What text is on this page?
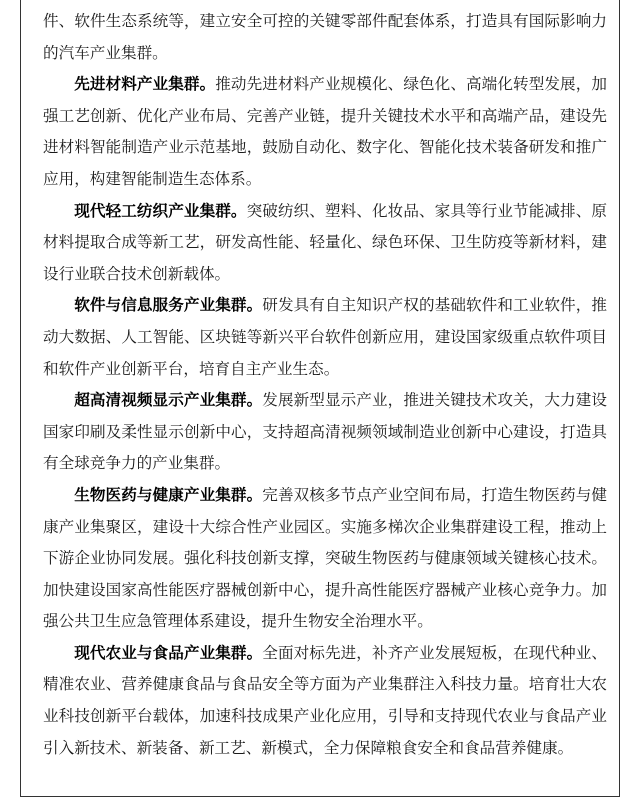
件、软件生态系统等，建立安全可控的关键零部件配套体系，打造具有国际影响力的汽车产业集群。

先进材料产业集群。推动先进材料产业规模化、绿色化、高端化转型发展，加强工艺创新、优化产业布局、完善产业链，提升关键技术水平和高端产品，建设先进材料智能制造产业示范基地，鼓励自动化、数字化、智能化技术装备研发和推广应用，构建智能制造生态体系。

现代轻工纺织产业集群。突破纺织、塑料、化妆品、家具等行业节能减排、原材料提取合成等新工艺，研发高性能、轻量化、绿色环保、卫生防疫等新材料，建设行业联合技术创新载体。

软件与信息服务产业集群。研发具有自主知识产权的基础软件和工业软件，推动大数据、人工智能、区块链等新兴平台软件创新应用，建设国家级重点软件项目和软件产业创新平台，培育自主产业生态。

超高清视频显示产业集群。发展新型显示产业，推进关键技术攻关，大力建设国家印刷及柔性显示创新中心，支持超高清视频领域制造业创新中心建设，打造具有全球竞争力的产业集群。

生物医药与健康产业集群。完善双核多节点产业空间布局，打造生物医药与健康产业集聚区，建设十大综合性产业园区。实施多梯次企业集群建设工程，推动上下游企业协同发展。强化科技创新支撑，突破生物医药与健康领域关键核心技术。加快建设国家高性能医疗器械创新中心，提升高性能医疗器械产业核心竞争力。加强公共卫生应急管理体系建设，提升生物安全治理水平。

现代农业与食品产业集群。全面对标先进，补齐产业发展短板，在现代种业、精准农业、营养健康食品与食品安全等方面为产业集群注入科技力量。培育壮大农业科技创新平台载体，加速科技成果产业化应用，引导和支持现代农业与食品产业引入新技术、新装备、新工艺、新模式，全力保障粮食安全和食品营养健康。
